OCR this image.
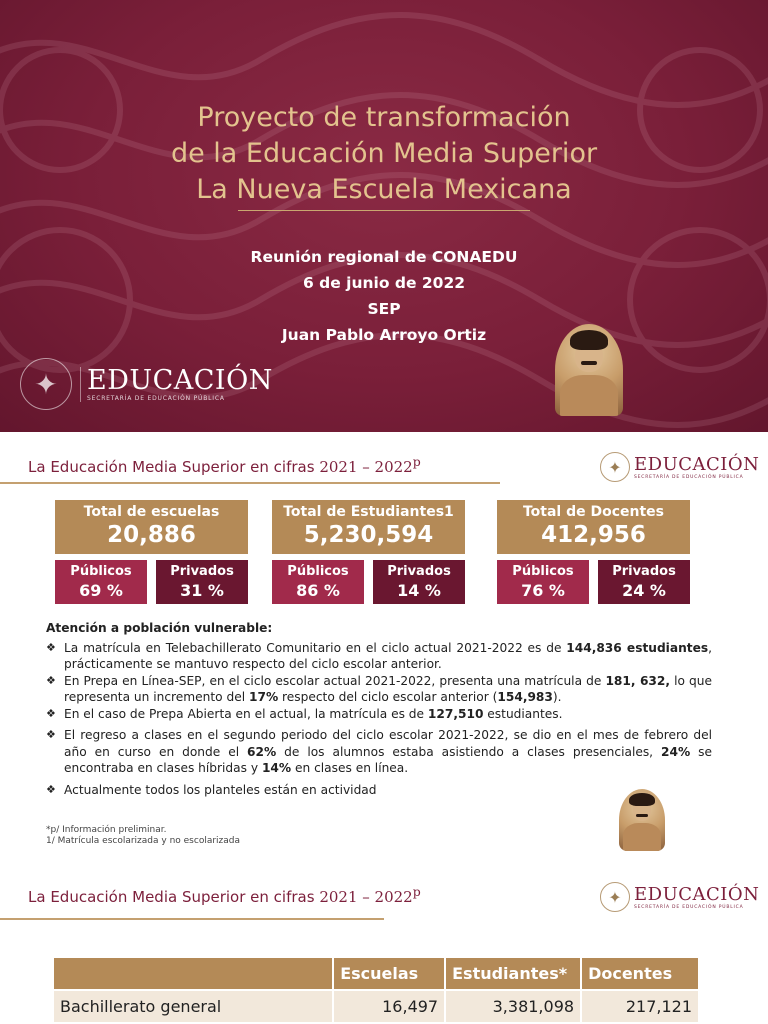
Proyecto de transformación
de la Educación Media Superior
La Nueva Escuela Mexicana
Reunión regional de CONAEDU
6 de junio de 2022
SEP
Juan Pablo Arroyo Ortiz
✦	EDUCACIÓN
SECRETARÍA DE EDUCACIÓN PÚBLICA
La Educación Media Superior en cifras 2021 – 2022$^p$	✦ EDUCACIÓN
SECRETARÍA DE EDUCACIÓN PÚBLICA
Total de escuelas
20,886
Públicos
69 %
Privados
31 %
Total de Estudiantes1
5,230,594
Públicos
86 %
Privados
14 %
Total de Docentes
412,956
Públicos
76 %
Privados
24 %
Atención a población vulnerable:
❖ La matrícula en Telebachillerato Comunitario en el ciclo actual 2021-2022 es de 144,836 estudiantes, prácticamente se mantuvo respecto del ciclo escolar anterior.
❖ En Prepa en Línea-SEP, en el ciclo escolar actual 2021-2022, presenta una matrícula de 181, 632, lo que representa un incremento del 17% respecto del ciclo escolar anterior (154,983).
❖ En el caso de Prepa Abierta en el actual, la matrícula es de 127,510 estudiantes.
❖ El regreso a clases en el segundo periodo del ciclo escolar 2021-2022, se dio en el mes de febrero del año en curso en donde el 62% de los alumnos estaba asistiendo a clases presenciales, 24% se encontraba en clases híbridas y 14% en clases en línea.
❖ Actualmente todos los planteles están en actividad
*p/ Información preliminar.
1/ Matrícula escolarizada y no escolarizada
La Educación Media Superior en cifras 2021 – 2022$^p$	✦ EDUCACIÓN
SECRETARÍA DE EDUCACIÓN PÚBLICA
	Escuelas	Estudiantes*	Docentes
Bachillerato general	16,497	3,381,098	217,121
